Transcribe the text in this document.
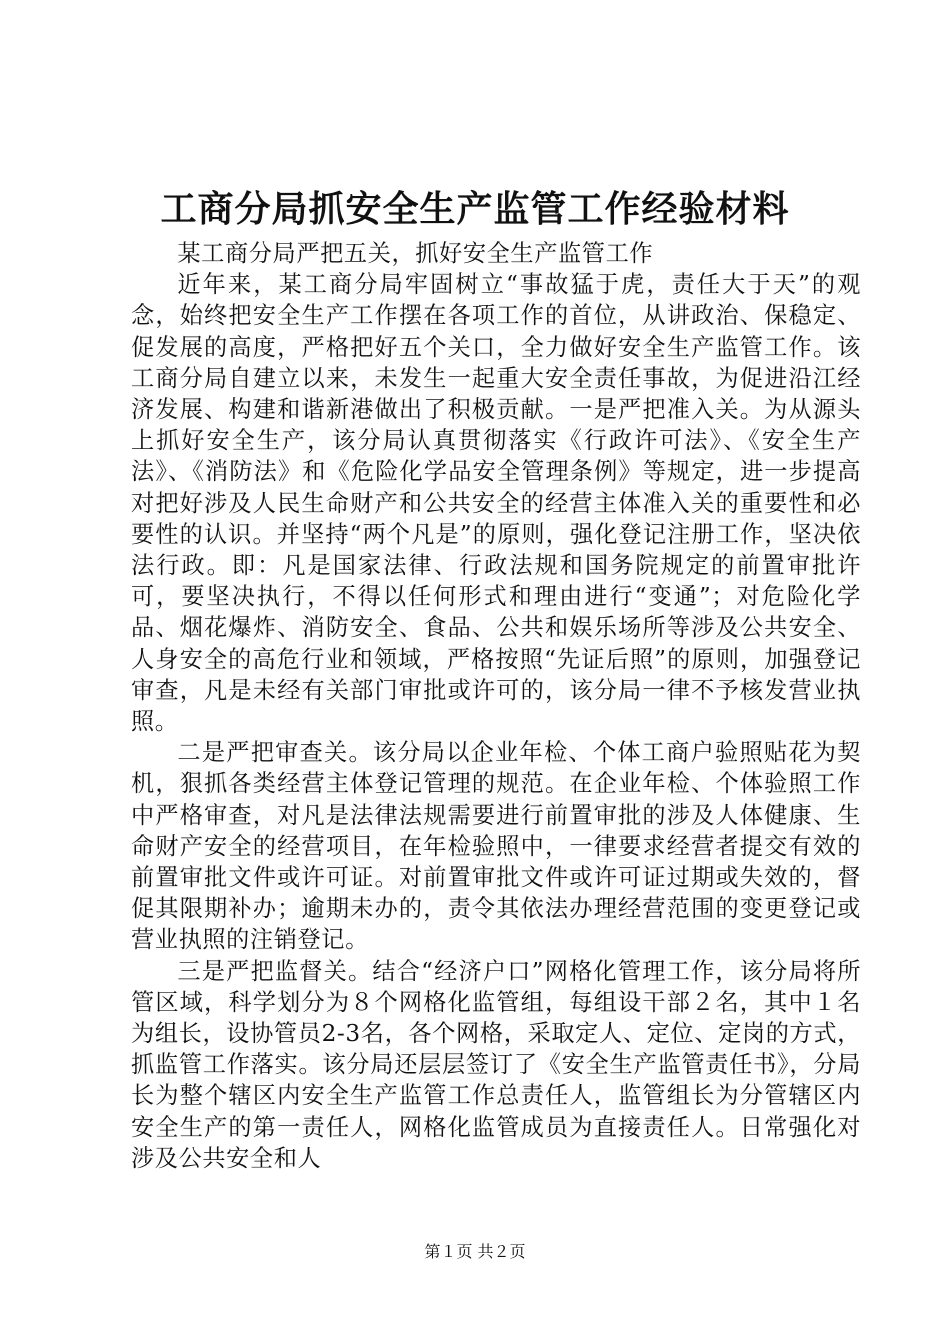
工商分局抓安全生产监管工作经验材料

某工商分局严把五关，抓好安全生产监管工作

近年来，某工商分局牢固树立“事故猛于虎，责任大于天”的观念，始终把安全生产工作摆在各项工作的首位，从讲政治、保稳定、促发展的高度，严格把好五个关口，全力做好安全生产监管工作。该工商分局自建立以来，未发生一起重大安全责任事故，为促进沿江经济发展、构建和谐新港做出了积极贡献。一是严把准入关。为从源头上抓好安全生产，该分局认真贯彻落实《行政许可法》、《安全生产法》、《消防法》和《危险化学品安全管理条例》等规定，进一步提高对把好涉及人民生命财产和公共安全的经营主体准入关的重要性和必要性的认识。并坚持“两个凡是”的原则，强化登记注册工作，坚决依法行政。即：凡是国家法律、行政法规和国务院规定的前置审批许可，要坚决执行，不得以任何形式和理由进行“变通”；对危险化学品、烟花爆炸、消防安全、食品、公共和娱乐场所等涉及公共安全、人身安全的高危行业和领域，严格按照“先证后照”的原则，加强登记审查，凡是未经有关部门审批或许可的，该分局一律不予核发营业执照。

二是严把审查关。该分局以企业年检、个体工商户验照贴花为契机，狠抓各类经营主体登记管理的规范。在企业年检、个体验照工作中严格审查，对凡是法律法规需要进行前置审批的涉及人体健康、生命财产安全的经营项目，在年检验照中，一律要求经营者提交有效的前置审批文件或许可证。对前置审批文件或许可证过期或失效的，督促其限期补办；逾期未办的，责令其依法办理经营范围的变更登记或营业执照的注销登记。

三是严把监督关。结合“经济户口”网格化管理工作，该分局将所管区域，科学划分为８个网格化监管组，每组设干部２名，其中１名为组长，设协管员2-3名，各个网格，采取定人、定位、定岗的方式，抓监管工作落实。该分局还层层签订了《安全生产监管责任书》，分局长为整个辖区内安全生产监管工作总责任人，监管组长为分管辖区内安全生产的第一责任人，网格化监管成员为直接责任人。日常强化对涉及公共安全和人

第１页 共２页
